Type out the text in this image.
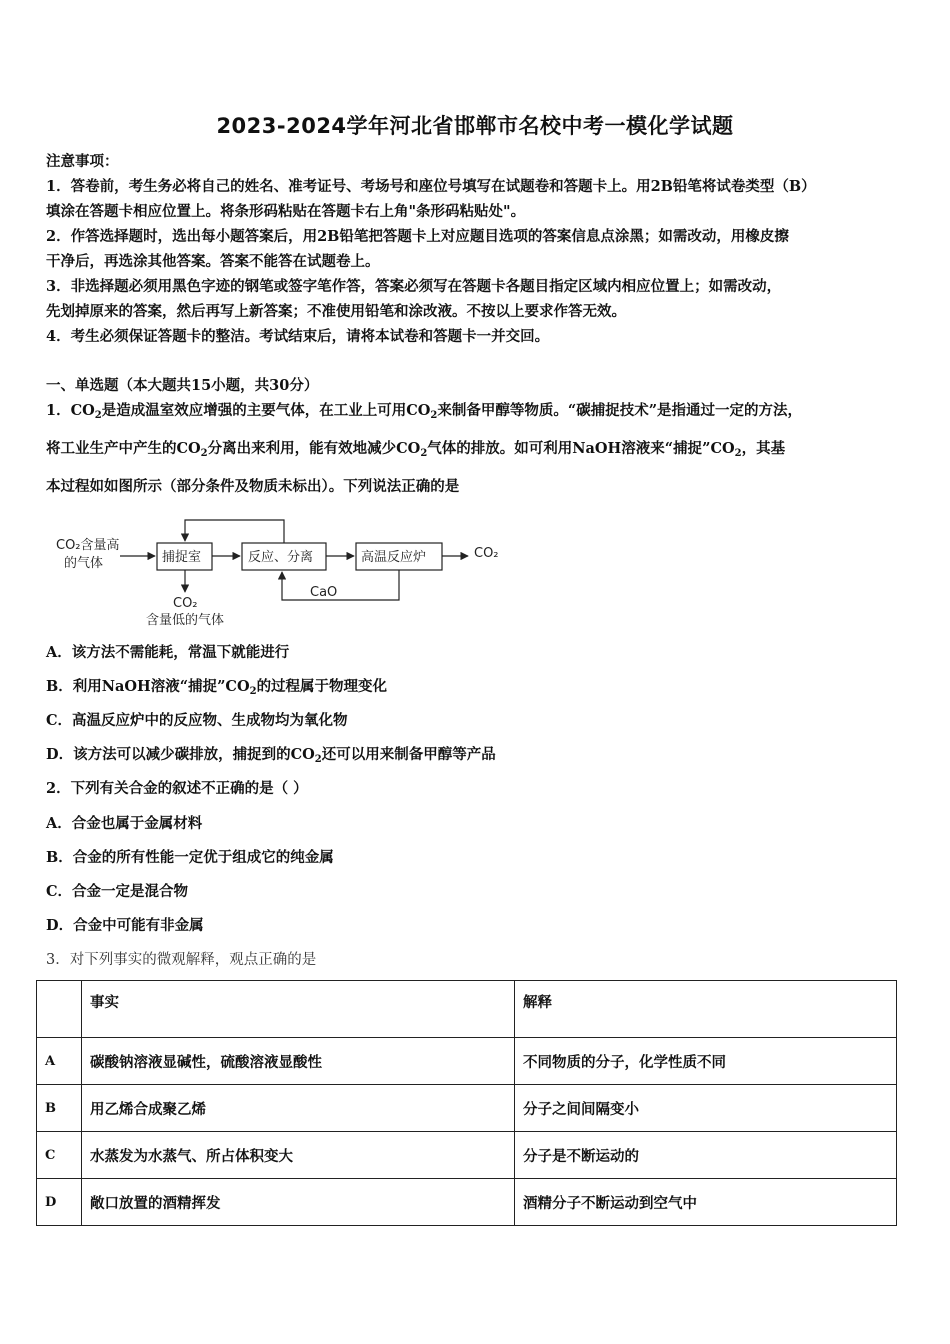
2023-2024学年河北省邯郸市名校中考一模化学试题
注意事项：
1．答卷前，考生务必将自己的姓名、准考证号、考场号和座位号填写在试题卷和答题卡上。用2B铅笔将试卷类型（B）
填涂在答题卡相应位置上。将条形码粘贴在答题卡右上角"条形码粘贴处"。
2．作答选择题时，选出每小题答案后，用2B铅笔把答题卡上对应题目选项的答案信息点涂黑；如需改动，用橡皮擦
干净后，再选涂其他答案。答案不能答在试题卷上。
3．非选择题必须用黑色字迹的钢笔或签字笔作答，答案必须写在答题卡各题目指定区域内相应位置上；如需改动，
先划掉原来的答案，然后再写上新答案；不准使用铅笔和涂改液。不按以上要求作答无效。
4．考生必须保证答题卡的整洁。考试结束后，请将本试卷和答题卡一并交回。
一、单选题（本大题共15小题，共30分）
1．$CO_2$是造成温室效应增强的主要气体，在工业上可用$CO_2$来制备甲醇等物质。“碳捕捉技术”是指通过一定的方法，
将工业生产中产生的$CO_2$分离出来利用，能有效地减少$CO_2$气体的排放。如可利用NaOH溶液来“捕捉$”CO_2$，其基
本过程如如图所示（部分条件及物质未标出）。下列说法正确的是
CO₂含量高
的气体	捕捉室	反应、分离	高温反应炉	CO₂
CaO
CO₂
含量低的气体
A．该方法不需能耗，常温下就能进行
B．利用NaOH溶液“捕捉$”CO_2$的过程属于物理变化
C．高温反应炉中的反应物、生成物均为氧化物
D．该方法可以减少碳排放，捕捉到的$CO_2$还可以用来制备甲醇等产品
2．下列有关合金的叙述不正确的是（ ）
A．合金也属于金属材料
B．合金的所有性能一定优于组成它的纯金属
C．合金一定是混合物
D．合金中可能有非金属
3．对下列事实的微观解释，观点正确的是
	事实	解释
A	碳酸钠溶液显碱性，硫酸溶液显酸性	不同物质的分子，化学性质不同
B	用乙烯合成聚乙烯	分子之间间隔变小
C	水蒸发为水蒸气、所占体积变大	分子是不断运动的
D	敞口放置的酒精挥发	酒精分子不断运动到空气中
